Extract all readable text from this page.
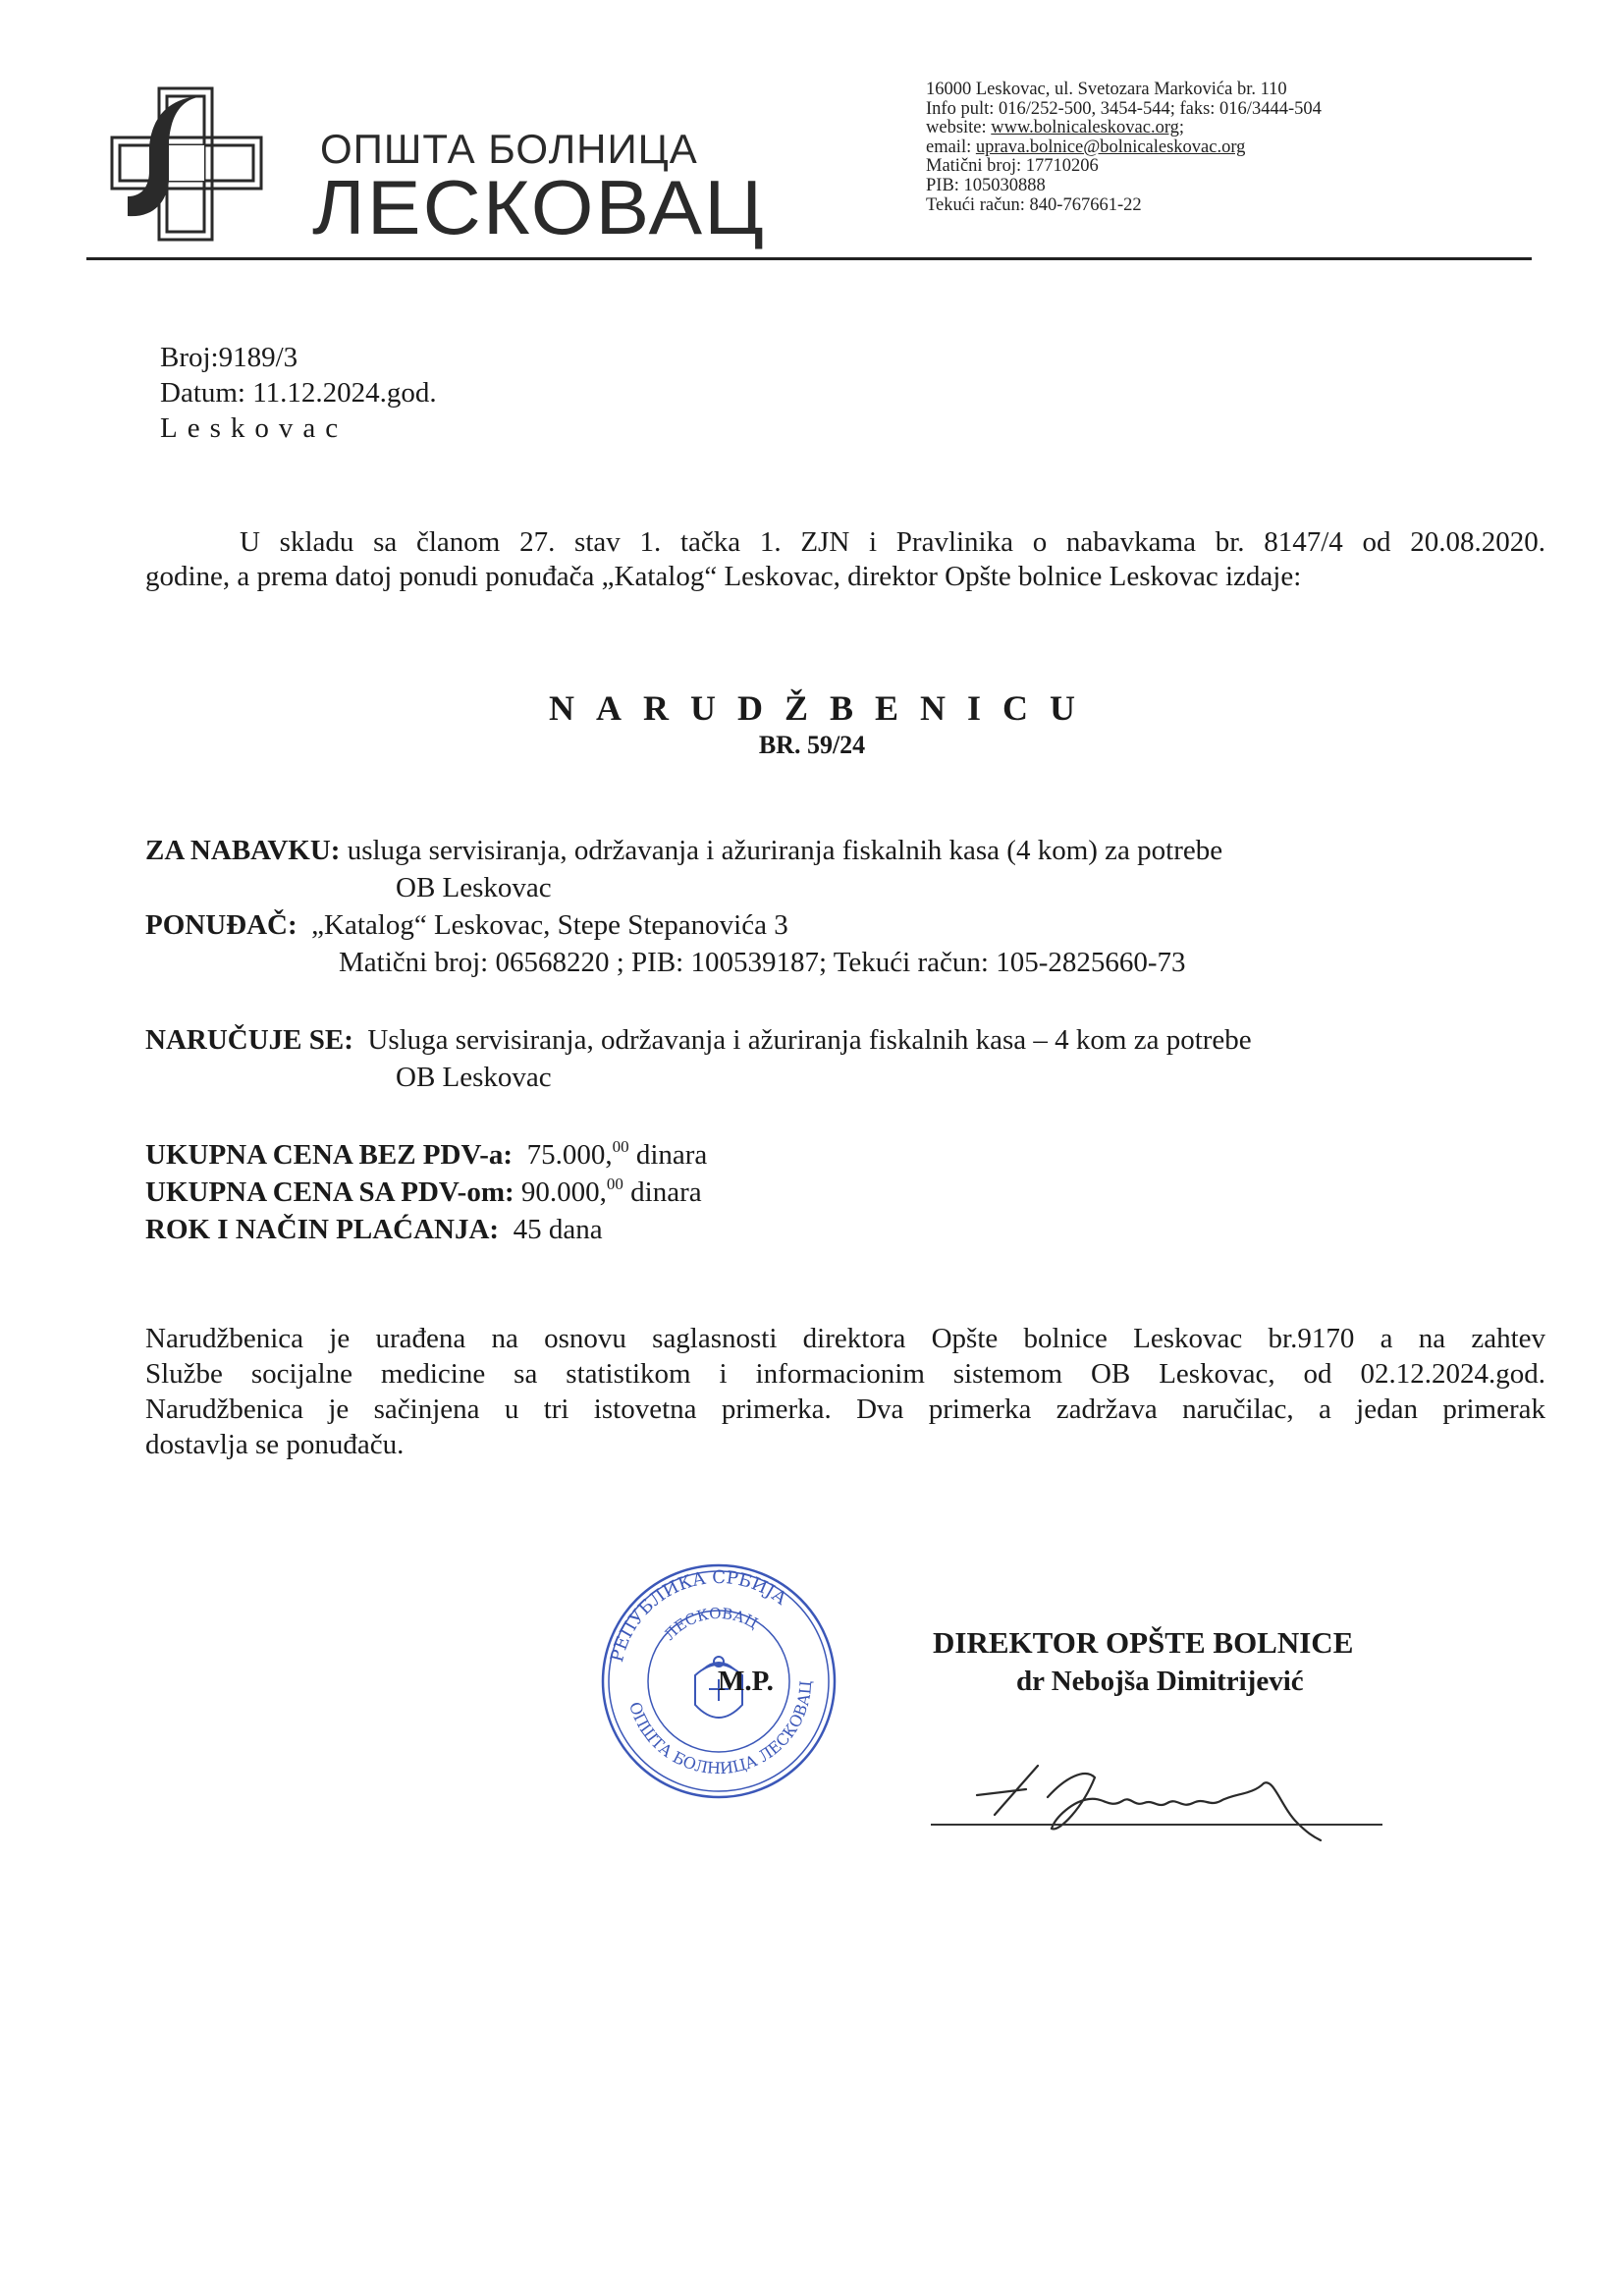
ОПШТА БОЛНИЦА
ЛЕСКОВАЦ
16000 Leskovac, ul. Svetozara Markovića br. 110
Info pult: 016/252-500, 3454-544; faks: 016/3444-504
website: www.bolnicaleskovac.org;
email: uprava.bolnice@bolnicaleskovac.org
Matični broj: 17710206
PIB: 105030888
Tekući račun: 840-767661-22
Broj:9189/3
Datum: 11.12.2024.god.
Leskovac
U skladu sa članom 27. stav 1. tačka 1. ZJN i Pravlinika o nabavkama br. 8147/4 od 20.08.2020.
godine, a prema datoj ponudi ponuđača „Katalog“ Leskovac, direktor Opšte bolnice Leskovac izdaje:
NARUDŽBENICU
BR. 59/24
ZA NABAVKU: usluga servisiranja, održavanja i ažuriranja fiskalnih kasa (4 kom) za potrebe
OB Leskovac
PONUĐAČ: „Katalog“ Leskovac, Stepe Stepanovića 3
Matični broj: 06568220 ; PIB: 100539187; Tekući račun: 105-2825660-73
NARUČUJE SE: Usluga servisiranja, održavanja i ažuriranja fiskalnih kasa – 4 kom za potrebe
OB Leskovac
UKUPNA CENA BEZ PDV-a: 75.000,00 dinara
UKUPNA CENA SA PDV-om: 90.000,00 dinara
ROK I NAČIN PLAĆANJA: 45 dana
Narudžbenica je urađena na osnovu saglasnosti direktora Opšte bolnice Leskovac br.9170 a na zahtev
Službe socijalne medicine sa statistikom i informacionim sistemom OB Leskovac, od 02.12.2024.god.
Narudžbenica je sačinjena u tri istovetna primerka. Dva primerka zadržava naručilac, a jedan primerak
dostavlja se ponuđaču.
РЕПУБЛИКА СРБИЈА
ОПШТА БОЛНИЦА ЛЕСКОВАЦ
ЛЕСКОВАЦ
M.P.
DIREKTOR OPŠTE BOLNICE
dr Nebojša Dimitrijević
